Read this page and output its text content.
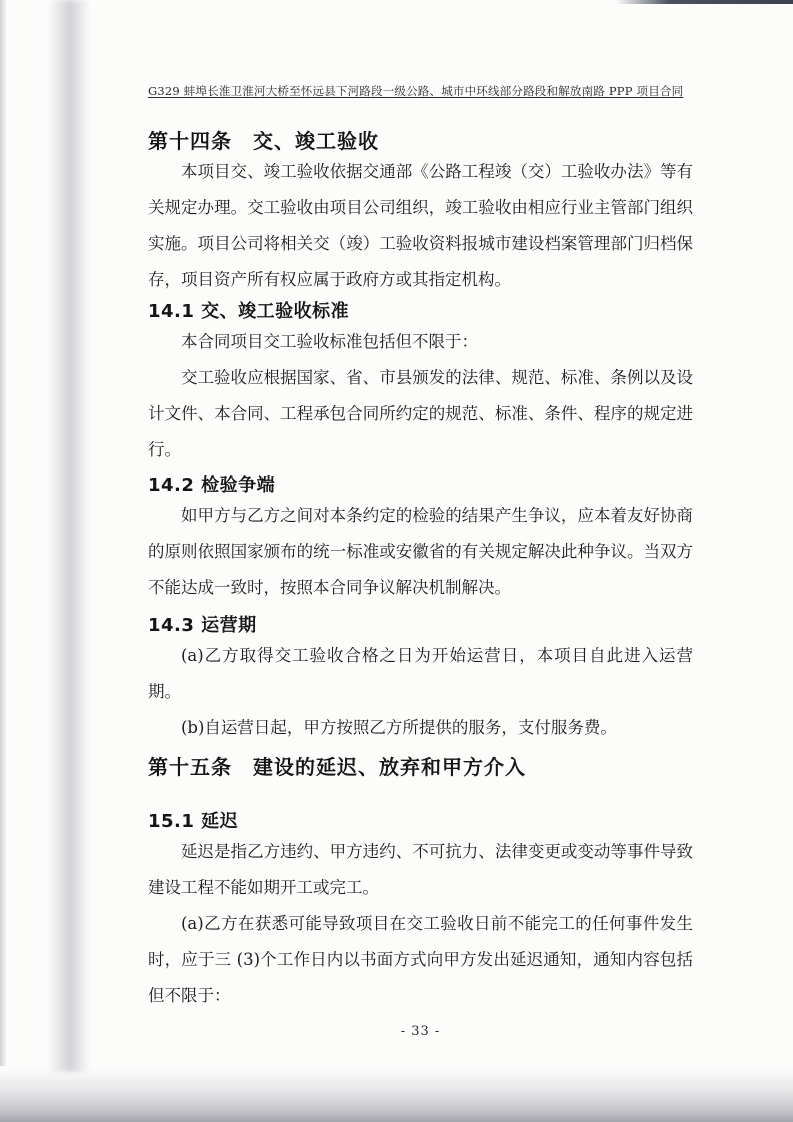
G329 蚌埠长淮卫淮河大桥至怀远县下河路段一级公路、城市中环线部分路段和解放南路 PPP 项目合同
第十四条　交、竣工验收

本项目交、竣工验收依据交通部《公路工程竣（交）工验收办法》等有关规定办理。交工验收由项目公司组织，竣工验收由相应行业主管部门组织实施。项目公司将相关交（竣）工验收资料报城市建设档案管理部门归档保存，项目资产所有权应属于政府方或其指定机构。

14.1 交、竣工验收标准

本合同项目交工验收标准包括但不限于：

交工验收应根据国家、省、市县颁发的法律、规范、标准、条例以及设计文件、本合同、工程承包合同所约定的规范、标准、条件、程序的规定进行。

14.2 检验争端

如甲方与乙方之间对本条约定的检验的结果产生争议，应本着友好协商的原则依照国家颁布的统一标准或安徽省的有关规定解决此种争议。当双方不能达成一致时，按照本合同争议解决机制解决。

14.3 运营期

(a)乙方取得交工验收合格之日为开始运营日，本项目自此进入运营期。

(b)自运营日起，甲方按照乙方所提供的服务，支付服务费。

第十五条　建设的延迟、放弃和甲方介入
15.1 延迟

延迟是指乙方违约、甲方违约、不可抗力、法律变更或变动等事件导致建设工程不能如期开工或完工。

(a)乙方在获悉可能导致项目在交工验收日前不能完工的任何事件发生时，应于三 (3)个工作日内以书面方式向甲方发出延迟通知，通知内容包括但不限于：

- 33 -
